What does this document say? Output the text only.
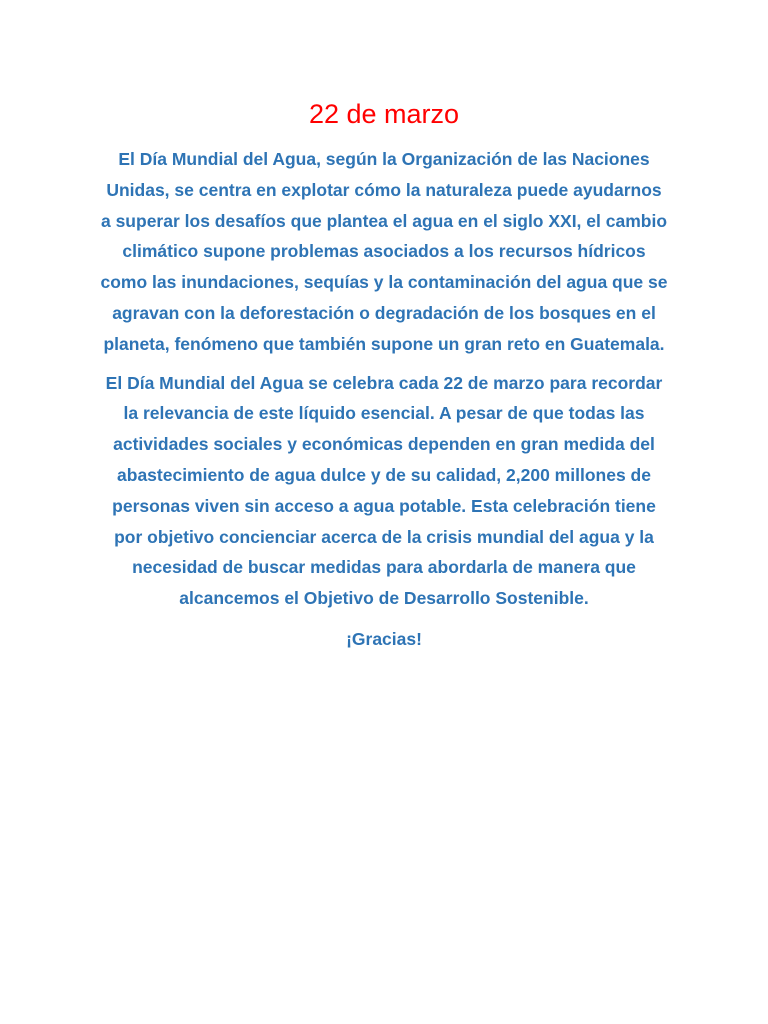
22 de marzo

El Día Mundial del Agua, según la Organización de las Naciones Unidas, se centra en explotar cómo la naturaleza puede ayudarnos a superar los desafíos que plantea el agua en el siglo XXI, el cambio climático supone problemas asociados a los recursos hídricos como las inundaciones, sequías y la contaminación del agua que se agravan con la deforestación o degradación de los bosques en el planeta, fenómeno que también supone un gran reto en Guatemala.

El Día Mundial del Agua se celebra cada 22 de marzo para recordar la relevancia de este líquido esencial. A pesar de que todas las actividades sociales y económicas dependen en gran medida del abastecimiento de agua dulce y de su calidad, 2,200 millones de personas viven sin acceso a agua potable. Esta celebración tiene por objetivo concienciar acerca de la crisis mundial del agua y la necesidad de buscar medidas para abordarla de manera que alcancemos el Objetivo de Desarrollo Sostenible.

¡Gracias!
